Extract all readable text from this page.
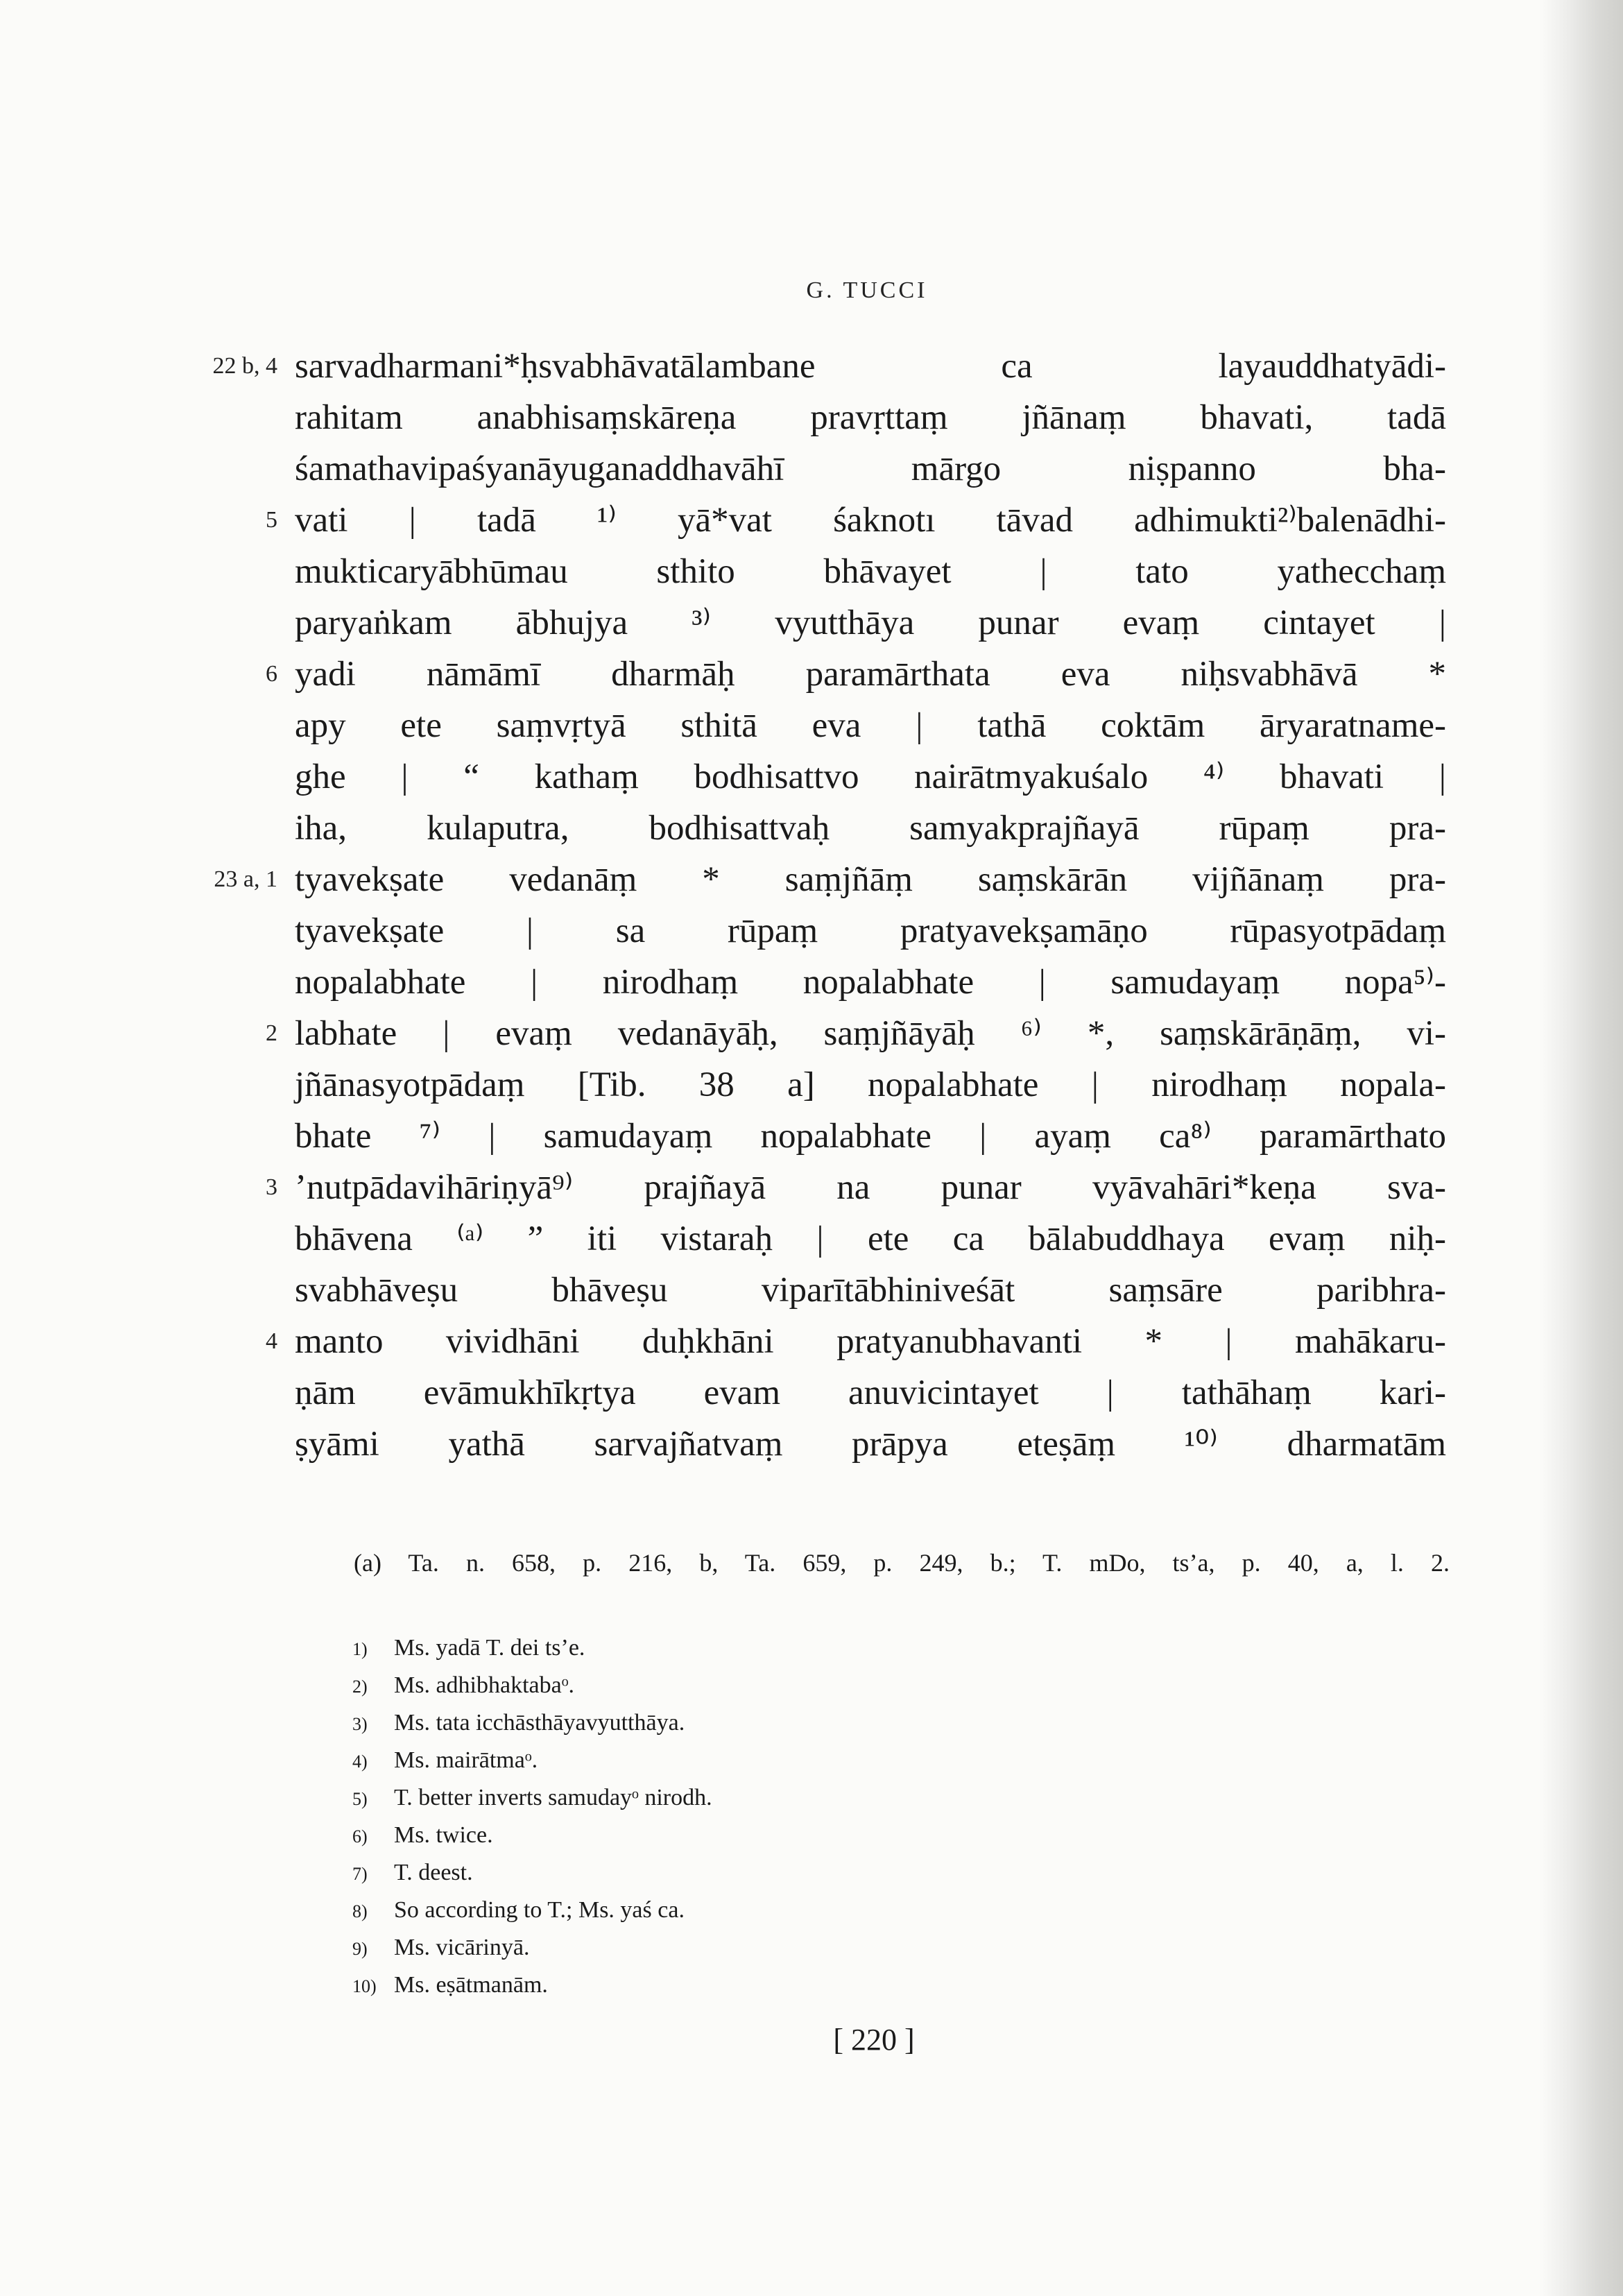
G. TUCCI
22 b, 4
5
6
23 a, 1
2
3
4
sarvadharmani*ḥsvabhāvatālambane ca layauddhatyādi-
rahitam anabhisaṃskāreṇa pravṛttaṃ jñānaṃ bhavati, tadā
śamathavipaśyanāyuganaddhavāhī mārgo niṣpanno bha-
vati | tadā ¹⁾ yā*vat śaknotı tāvad adhimukti²⁾balenādhi-
mukticaryābhūmau sthito bhāvayet | tato yathecchaṃ
paryaṅkam ābhujya ³⁾ vyutthāya punar evaṃ cintayet |
yadi nāmāmī dharmāḥ paramārthata eva niḥsvabhāvā *
apy ete saṃvṛtyā sthitā eva | tathā coktām āryaratname-
ghe | “ kathaṃ bodhisattvo nairātmyakuśalo ⁴⁾ bhavati |
iha, kulaputra, bodhisattvaḥ samyakprajñayā rūpaṃ pra-
tyavekṣate vedanāṃ * saṃjñāṃ saṃskārān vijñānaṃ pra-
tyavekṣate | sa rūpaṃ pratyavekṣamāṇo rūpasyotpādaṃ
nopalabhate | nirodhaṃ nopalabhate | samudayaṃ nopa⁵⁾-
labhate | evaṃ vedanāyāḥ, saṃjñāyāḥ ⁶⁾ *, saṃskārāṇāṃ, vi-
jñānasyotpādaṃ [Tib. 38 a] nopalabhate | nirodhaṃ nopala-
bhate ⁷⁾ | samudayaṃ nopalabhate | ayaṃ ca⁸⁾ paramārthato
’nutpādavihāriṇyā⁹⁾ prajñayā na punar vyāvahāri*keṇa sva-
bhāvena ⁽ᵃ⁾ ” iti vistaraḥ | ete ca bālabuddhaya evaṃ niḥ-
svabhāveṣu bhāveṣu viparītābhiniveśāt saṃsāre paribhra-
manto vividhāni duḥkhāni pratyanubhavanti * | mahākaru-
ṇām evāmukhīkṛtya evam anuvicintayet | tathāhaṃ kari-
ṣyāmi yathā sarvajñatvaṃ prāpya eteṣāṃ ¹⁰⁾ dharmatām
(a) Ta. n. 658, p. 216, b, Ta. 659, p. 249, b.; T. mDo, ts’a, p. 40, a, l. 2.
1) Ms. yadā T. dei ts’e.
2) Ms. adhibhaktabaᵒ.
3) Ms. tata icchāsthāyavyutthāya.
4) Ms. mairātmaᵒ.
5) T. better inverts samudayᵒ nirodh.
6) Ms. twice.
7) T. deest.
8) So according to T.; Ms. yaś ca.
9) Ms. vicārinyā.
10) Ms. eṣātmanām.
[ 220 ]
